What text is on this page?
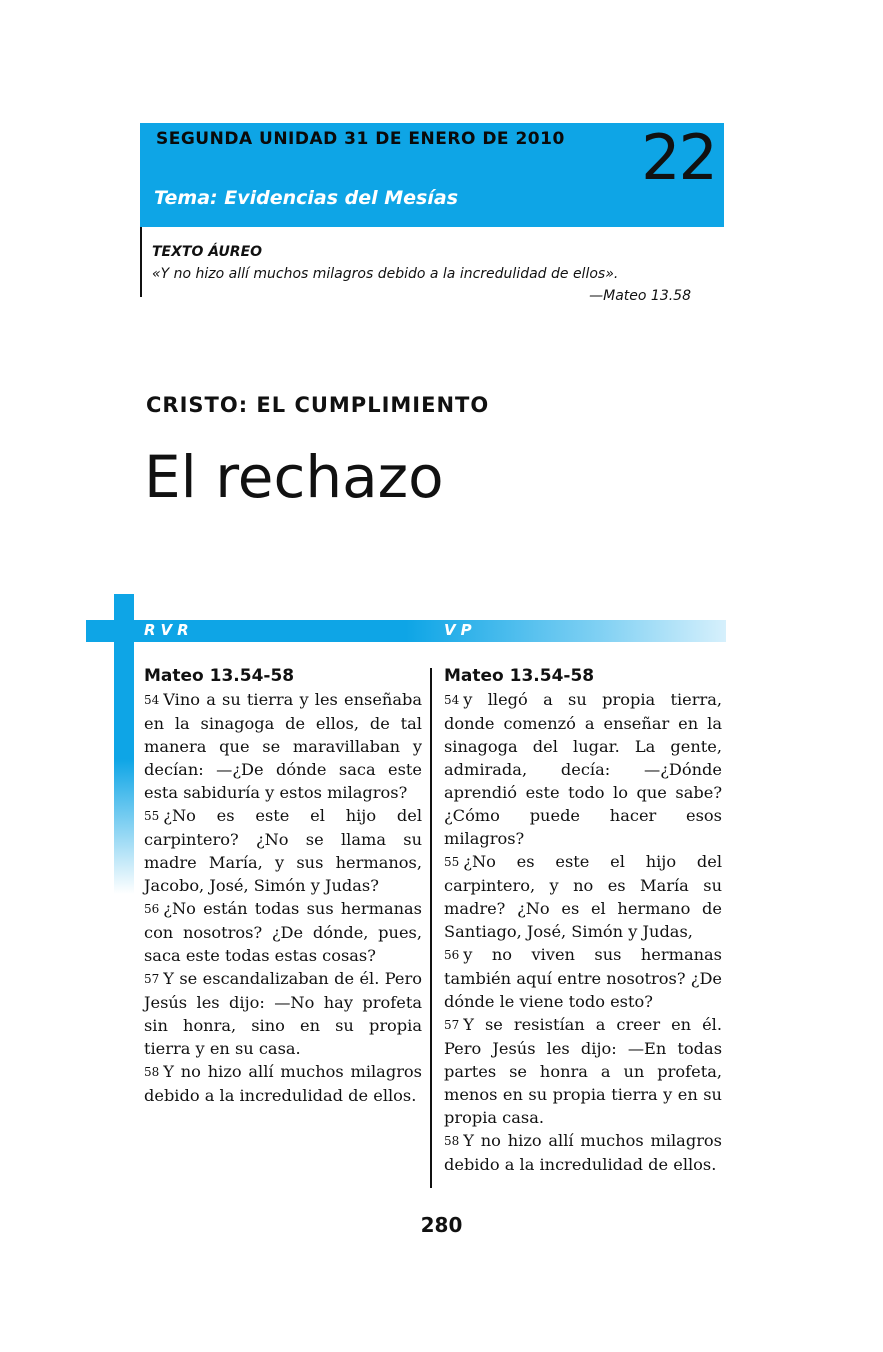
SEGUNDA UNIDAD 31 DE ENERO DE 2010 22
Tema: Evidencias del Mesías
TEXTO ÁUREO
«Y no hizo allí muchos milagros debido a la incredulidad de ellos».
—Mateo 13.58
CRISTO: EL CUMPLIMIENTO
El rechazo
RVR	VP
Mateo 13.54-58

54 Vino a su tierra y les enseñaba en la sinagoga de ellos, de tal manera que se maravillaban y decían: —¿De dónde saca este esta sabiduría y estos milagros?

55 ¿No es este el hijo del carpintero? ¿No se llama su madre María, y sus hermanos, Jacobo, José, Simón y Judas?

56 ¿No están todas sus hermanas con nosotros? ¿De dónde, pues, saca este todas estas cosas?

57 Y se escandalizaban de él. Pero Jesús les dijo: —No hay profeta sin honra, sino en su propia tierra y en su casa.

58 Y no hizo allí muchos milagros debido a la incredulidad de ellos.

Mateo 13.54-58

54 y llegó a su propia tierra, donde comenzó a enseñar en la sinagoga del lugar. La gente, admirada, decía: —¿Dónde aprendió este todo lo que sabe? ¿Cómo puede hacer esos milagros?

55 ¿No es este el hijo del carpintero, y no es María su madre? ¿No es el hermano de Santiago, José, Simón y Judas,

56 y no viven sus hermanas también aquí entre nosotros? ¿De dónde le viene todo esto?

57 Y se resistían a creer en él. Pero Jesús les dijo: —En todas partes se honra a un profeta, menos en su propia tierra y en su propia casa.

58 Y no hizo allí muchos milagros debido a la incredulidad de ellos.

280
